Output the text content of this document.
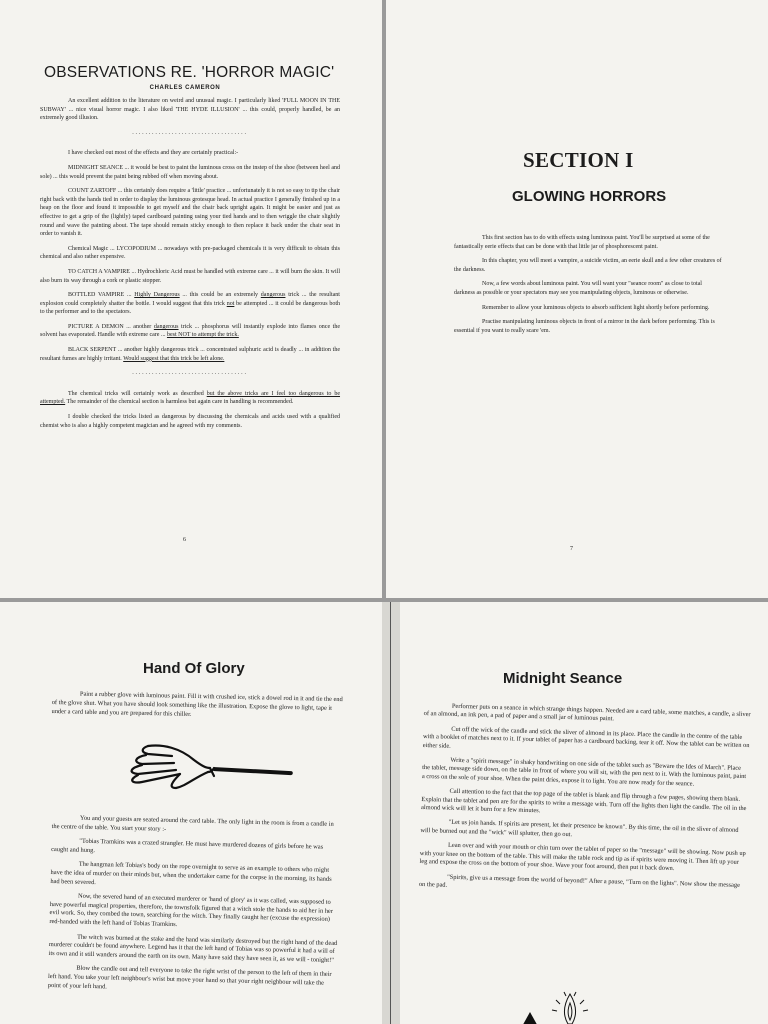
OBSERVATIONS RE. 'HORROR MAGIC'
CHARLES CAMERON

An excellent addition to the literature on weird and unusual magic. I particularly liked 'FULL MOON IN THE SUBWAY' ... nice visual horror magic. I also liked 'THE HYDE ILLUSION' ... this could, properly handled, be an extremely good illusion.

...................................

I have checked out most of the effects and they are certainly practical:-

MIDNIGHT SEANCE ... it would be best to paint the luminous cross on the instep of the shoe (between heel and sole) ... this would prevent the paint being rubbed off when moving about.

COUNT ZARTOFF ... this certainly does require a 'little' practice ... unfortunately it is not so easy to tip the chair right back with the hands tied in order to display the luminous grotesque head. In actual practice I generally finished up in a heap on the floor and found it impossible to get myself and the chair back upright again. It might be easier and just as effective to get a grip of the (lightly) taped cardboard painting using your tied hands and to then wriggle the chair slightly round and wave the painting about. The tape should remain sticky enough to then replace it back under the chair seat in order to vanish it.

Chemical Magic ... LYCOPODIUM ... nowadays with pre-packaged chemicals it is very difficult to obtain this chemical and also rather expensive.

TO CATCH A VAMPIRE ... Hydrochloric Acid must be handled with extreme care ... it will burn the skin. It will also burn its way through a cork or plastic stopper.

BOTTLED VAMPIRE ... Highly Dangerous ... this could be an extremely dangerous trick ... the resultant explosion could completely shatter the bottle. I would suggest that this trick not be attempted ... it could be dangerous both to the performer and to the spectators.

PICTURE A DEMON ... another dangerous trick ... phosphorus will instantly explode into flames once the solvent has evaporated. Handle with extreme care ... best NOT to attempt the trick.

BLACK SERPENT ... another highly dangerous trick ... concentrated sulphuric acid is deadly ... in addition the resultant fumes are highly irritant. Would suggest that this trick be left alone.

...................................

The chemical tricks will certainly work as described but the above tricks are I feel too dangerous to be attempted. The remainder of the chemical section is harmless but again care in handling is recommended.

I double checked the tricks listed as dangerous by discussing the chemicals and acids used with a qualified chemist who is also a highly competent magician and he agreed with my comments.

6
SECTION I
GLOWING HORRORS

This first section has to do with effects using luminous paint. You'll be surprised at some of the fantastically eerie effects that can be done with that little jar of phosphorescent paint.

In this chapter, you will meet a vampire, a suicide victim, an eerie skull and a few other creatures of the darkness.

Now, a few words about luminous paint. You will want your "seance room" as close to total darkness as possible or your spectators may see you manipulating objects, luminous or otherwise.

Remember to allow your luminous objects to absorb sufficient light shortly before performing.

Practise manipulating luminous objects in front of a mirror in the dark before performing. This is essential if you want to really scare 'em.

7
Hand Of Glory

Paint a rubber glove with luminous paint. Fill it with crushed ice, stick a dowel rod in it and tie the end of the glove shut. What you have should look something like the illustration. Expose the glove to light, tape it under a card table and you are prepared for this chiller.

You and your guests are seated around the card table. The only light in the room is from a candle in the centre of the table. You start your story :-

"Tobias Tramkins was a crazed strangler. He must have murdered dozens of girls before he was caught and hung.

The hangman left Tobias's body on the rope overnight to serve as an example to others who might have the idea of murder on their minds but, when the undertaker came for the corpse in the morning, its hands had been severed.

Now, the severed hand of an executed murderer or 'hand of glory' as it was called, was supposed to have powerful magical properties, therefore, the townsfolk figured that a witch stole the hands to aid her in her evil work. So, they combed the town, searching for the witch. They finally caught her (excuse the expression) red-handed with the left hand of Tobias Tramkins.

The witch was burned at the stake and the hand was similarly destroyed but the right hand of the dead murderer couldn't be found anywhere. Legend has it that the left hand of Tobias was so powerful it had a will of its own and it still wanders around the earth on its own. Many have said they have seen it, as we will - tonight!"

Blow the candle out and tell everyone to take the right wrist of the person to the left of them in their left hand. You take your left neighbour's wrist but move your hand so that your right neighbour will take the point of your left hand.

Midnight Seance

Performer puts on a seance in which strange things happen. Needed are a card table, some matches, a candle, a sliver of an almond, an ink pen, a pad of paper and a small jar of luminous paint.

Cut off the wick of the candle and stick the sliver of almond in its place. Place the candle in the centre of the table with a booklet of matches next to it. If your tablet of paper has a cardboard backing, tear it off. Now the tablet can be written on either side.

Write a "spirit message" in shaky handwriting on one side of the tablet such as "Beware the Ides of March". Place the tablet, message side down, on the table in front of where you will sit, with the pen next to it. With the luminous paint, paint a cross on the sole of your shoe. When the paint dries, expose it to light. You are now ready for the seance.

Call attention to the fact that the top page of the tablet is blank and flip through a few pages, showing them blank. Explain that the tablet and pen are for the spirits to write a message with. Turn off the lights then light the candle. The oil in the almond wick will let it burn for a few minutes.

"Let us join hands. If spirits are present, let their presence be known". By this time, the oil in the sliver of almond will be burned out and the "wick" will splutter, then go out.

Lean over and with your mouth or chin turn over the tablet of paper so the "message" will be showing. Now push up with your knee on the bottom of the table. This will make the table rock and tip as if spirits were moving it. Then lift up your leg and expose the cross on the bottom of your shoe. Wave your foot around, then put it back down.

"Spirits, give us a message from the world of beyond!" After a pause, "Turn on the lights". Now show the message on the pad.
